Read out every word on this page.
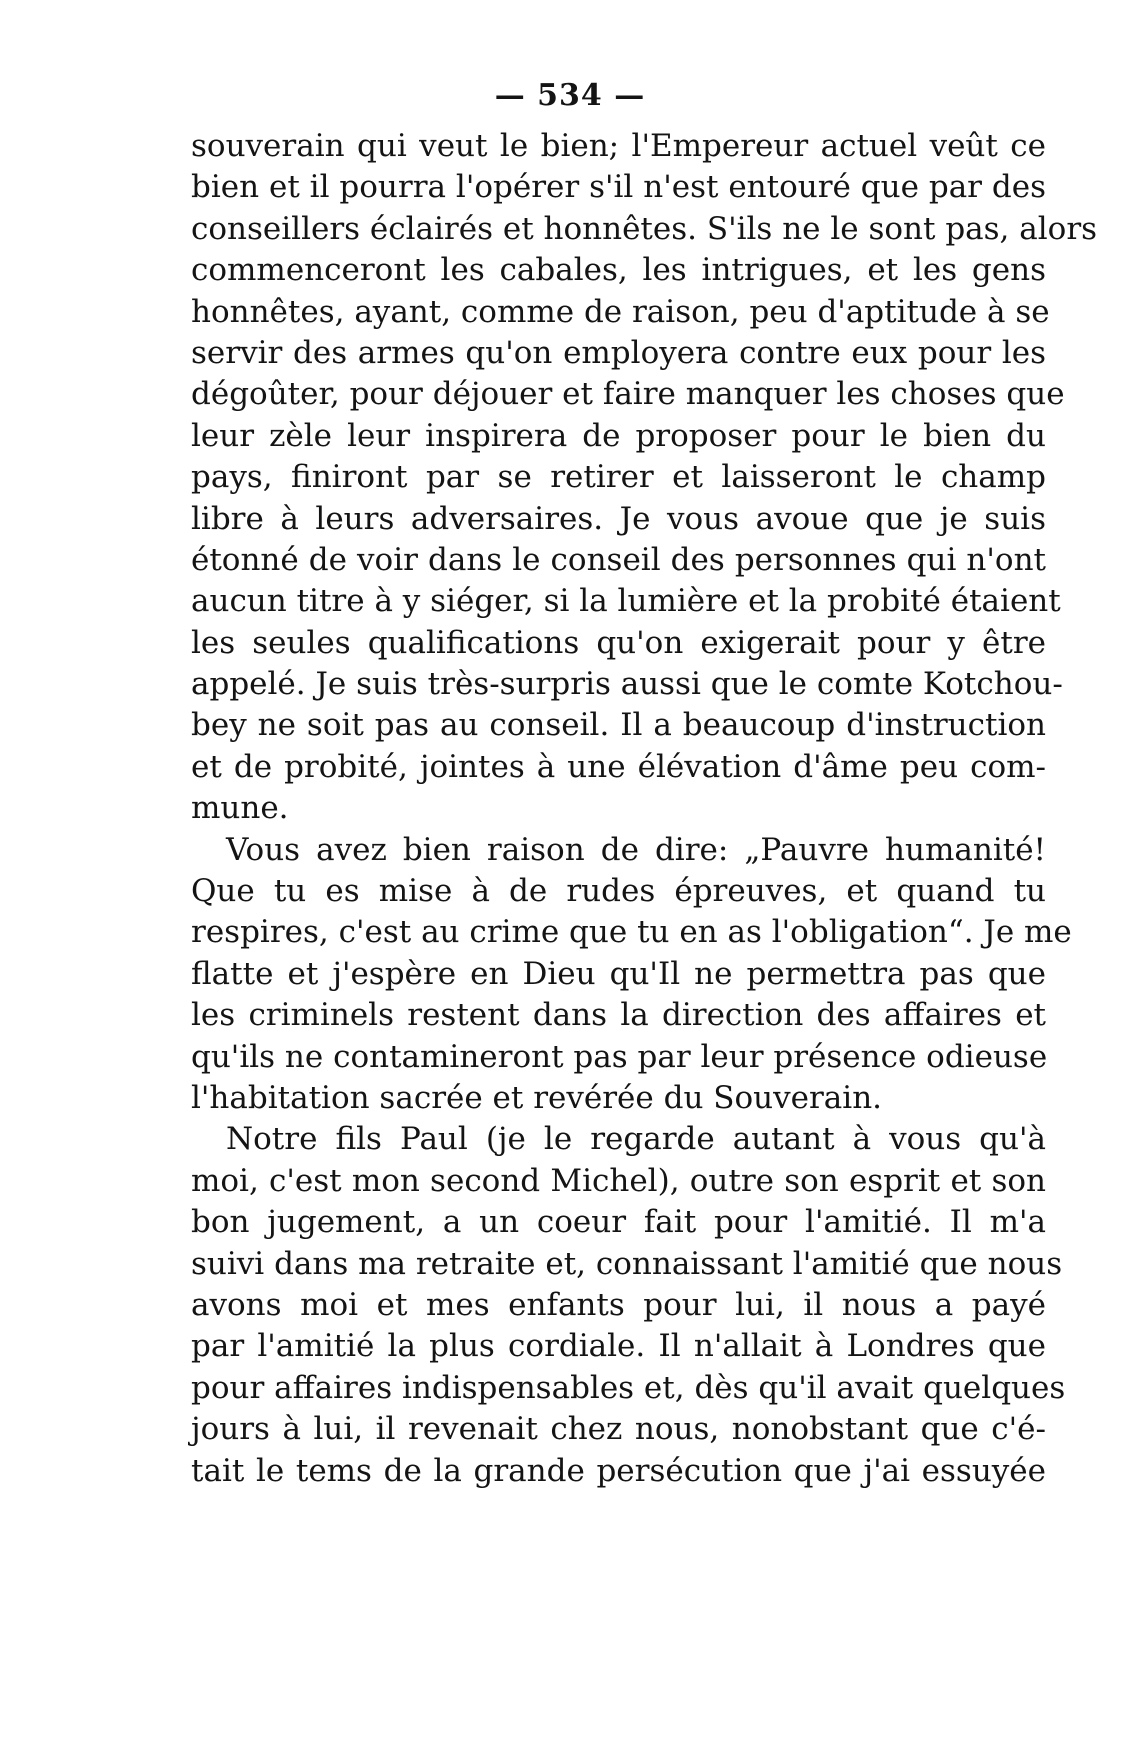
— 534 —
souverain qui veut le bien; l'Empereur actuel veût ce
bien et il pourra l'opérer s'il n'est entouré que par des
conseillers éclairés et honnêtes. S'ils ne le sont pas, alors
commenceront les cabales, les intrigues, et les gens
honnêtes, ayant, comme de raison, peu d'aptitude à se
servir des armes qu'on employera contre eux pour les
dégoûter, pour déjouer et faire manquer les choses que
leur zèle leur inspirera de proposer pour le bien du
pays, finiront par se retirer et laisseront le champ
libre à leurs adversaires. Je vous avoue que je suis
étonné de voir dans le conseil des personnes qui n'ont
aucun titre à y siéger, si la lumière et la probité étaient
les seules qualifications qu'on exigerait pour y être
appelé. Je suis très-surpris aussi que le comte Kotchou-
bey ne soit pas au conseil. Il a beaucoup d'instruction
et de probité, jointes à une élévation d'âme peu com-
mune.
Vous avez bien raison de dire: „Pauvre humanité!
Que tu es mise à de rudes épreuves, et quand tu
respires, c'est au crime que tu en as l'obligation“. Je me
flatte et j'espère en Dieu qu'Il ne permettra pas que
les criminels restent dans la direction des affaires et
qu'ils ne contamineront pas par leur présence odieuse
l'habitation sacrée et revérée du Souverain.
Notre fils Paul (je le regarde autant à vous qu'à
moi, c'est mon second Michel), outre son esprit et son
bon jugement, a un coeur fait pour l'amitié. Il m'a
suivi dans ma retraite et, connaissant l'amitié que nous
avons moi et mes enfants pour lui, il nous a payé
par l'amitié la plus cordiale. Il n'allait à Londres que
pour affaires indispensables et, dès qu'il avait quelques
jours à lui, il revenait chez nous, nonobstant que c'é-
tait le tems de la grande persécution que j'ai essuyée
